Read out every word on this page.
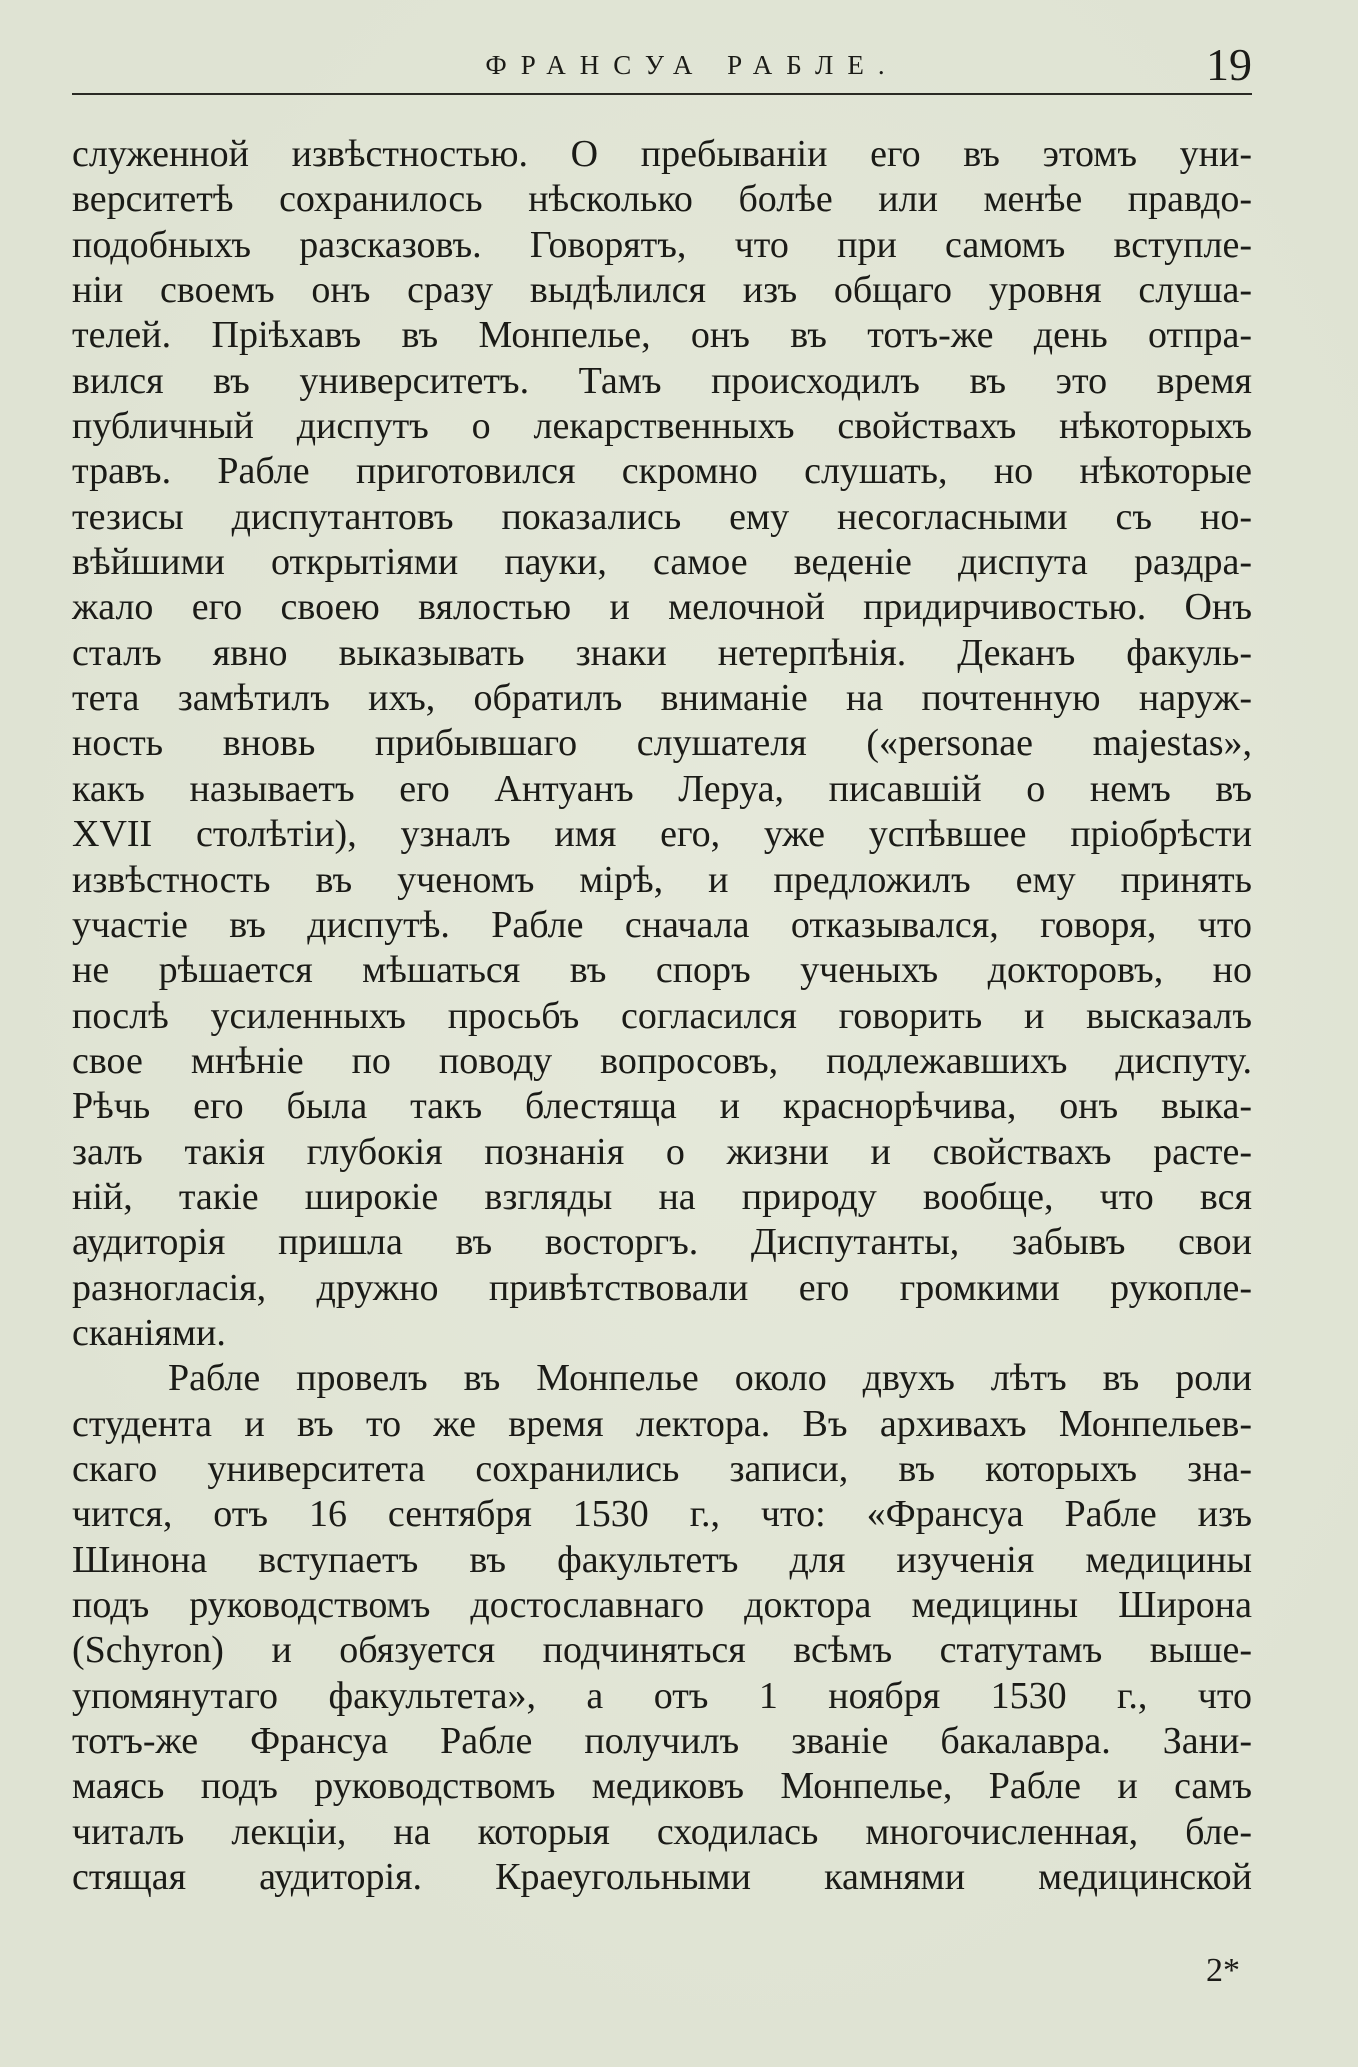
ФРАНСУА РАБЛЕ.	19
служенной извѣстностью. О пребываніи его въ этомъ уни-
верситетѣ сохранилось нѣсколько болѣе или менѣе правдо-
подобныхъ разсказовъ. Говорятъ, что при самомъ вступле-
ніи своемъ онъ сразу выдѣлился изъ общаго уровня слуша-
телей. Пріѣхавъ въ Монпелье, онъ въ тотъ-же день отпра-
вился въ университетъ. Тамъ происходилъ въ это время
публичный диспутъ о лекарственныхъ свойствахъ нѣкоторыхъ
травъ. Рабле приготовился скромно слушать, но нѣкоторые
тезисы диспутантовъ показались ему несогласными съ но-
вѣйшими открытіями пауки, самое веденіе диспута раздра-
жало его своею вялостью и мелочной придирчивостью. Онъ
сталъ явно выказывать знаки нетерпѣнія. Деканъ факуль-
тета замѣтилъ ихъ, обратилъ вниманіе на почтенную наруж-
ность вновь прибывшаго слушателя («personae majestas»,
какъ называетъ его Антуанъ Леруа, писавшій о немъ въ
XVII столѣтіи), узналъ имя его, уже успѣвшее пріобрѣсти
извѣстность въ ученомъ мірѣ, и предложилъ ему принять
участіе въ диспутѣ. Рабле сначала отказывался, говоря, что
не рѣшается мѣшаться въ споръ ученыхъ докторовъ, но
послѣ усиленныхъ просьбъ согласился говорить и высказалъ
свое мнѣніе по поводу вопросовъ, подлежавшихъ диспуту.
Рѣчь его была такъ блестяща и краснорѣчива, онъ выка-
залъ такія глубокія познанія о жизни и свойствахъ расте-
ній, такіе широкіе взгляды на природу вообще, что вся
аудиторія пришла въ восторгъ. Диспутанты, забывъ свои
разногласія, дружно привѣтствовали его громкими рукопле-
сканіями.
Рабле провелъ въ Монпелье около двухъ лѣтъ въ роли
студента и въ то же время лектора. Въ архивахъ Монпельев-
скаго университета сохранились записи, въ которыхъ зна-
чится, отъ 16 сентября 1530 г., что: «Франсуа Рабле изъ
Шинона вступаетъ въ факультетъ для изученія медицины
подъ руководствомъ достославнаго доктора медицины Широна
(Schyron) и обязуется подчиняться всѣмъ статутамъ выше-
упомянутаго факультета», а отъ 1 ноября 1530 г., что
тотъ-же Франсуа Рабле получилъ званіе бакалавра. Зани-
маясь подъ руководствомъ медиковъ Монпелье, Рабле и самъ
читалъ лекціи, на которыя сходилась многочисленная, бле-
стящая аудиторія. Краеугольными камнями медицинской
2*
